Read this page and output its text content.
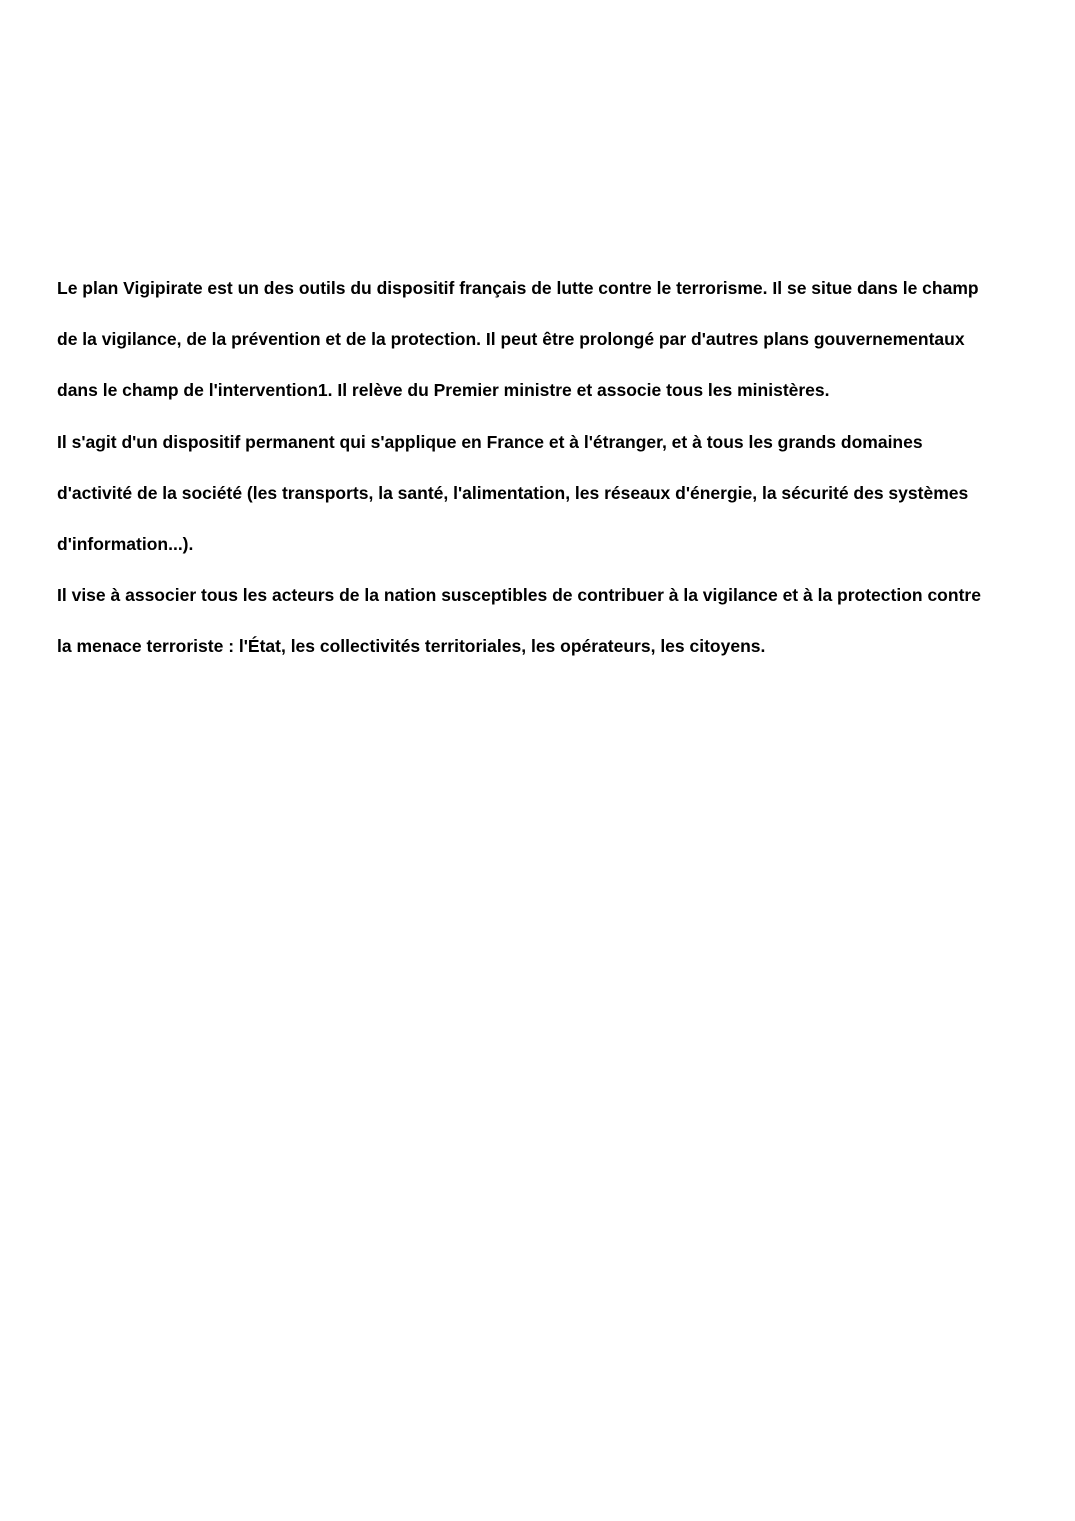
Le plan Vigipirate est un des outils du dispositif français de lutte contre le terrorisme. Il se situe dans le champ
de la vigilance, de la prévention et de la protection. Il peut être prolongé par d'autres plans gouvernementaux
dans le champ de l'intervention1. Il relève du Premier ministre et associe tous les ministères.
Il s'agit d'un dispositif permanent qui s'applique en France et à l'étranger, et à tous les grands domaines
d'activité de la société (les transports, la santé, l'alimentation, les réseaux d'énergie, la sécurité des systèmes
d'information...).
Il vise à associer tous les acteurs de la nation susceptibles de contribuer à la vigilance et à la protection contre
la menace terroriste : l'État, les collectivités territoriales, les opérateurs, les citoyens.
